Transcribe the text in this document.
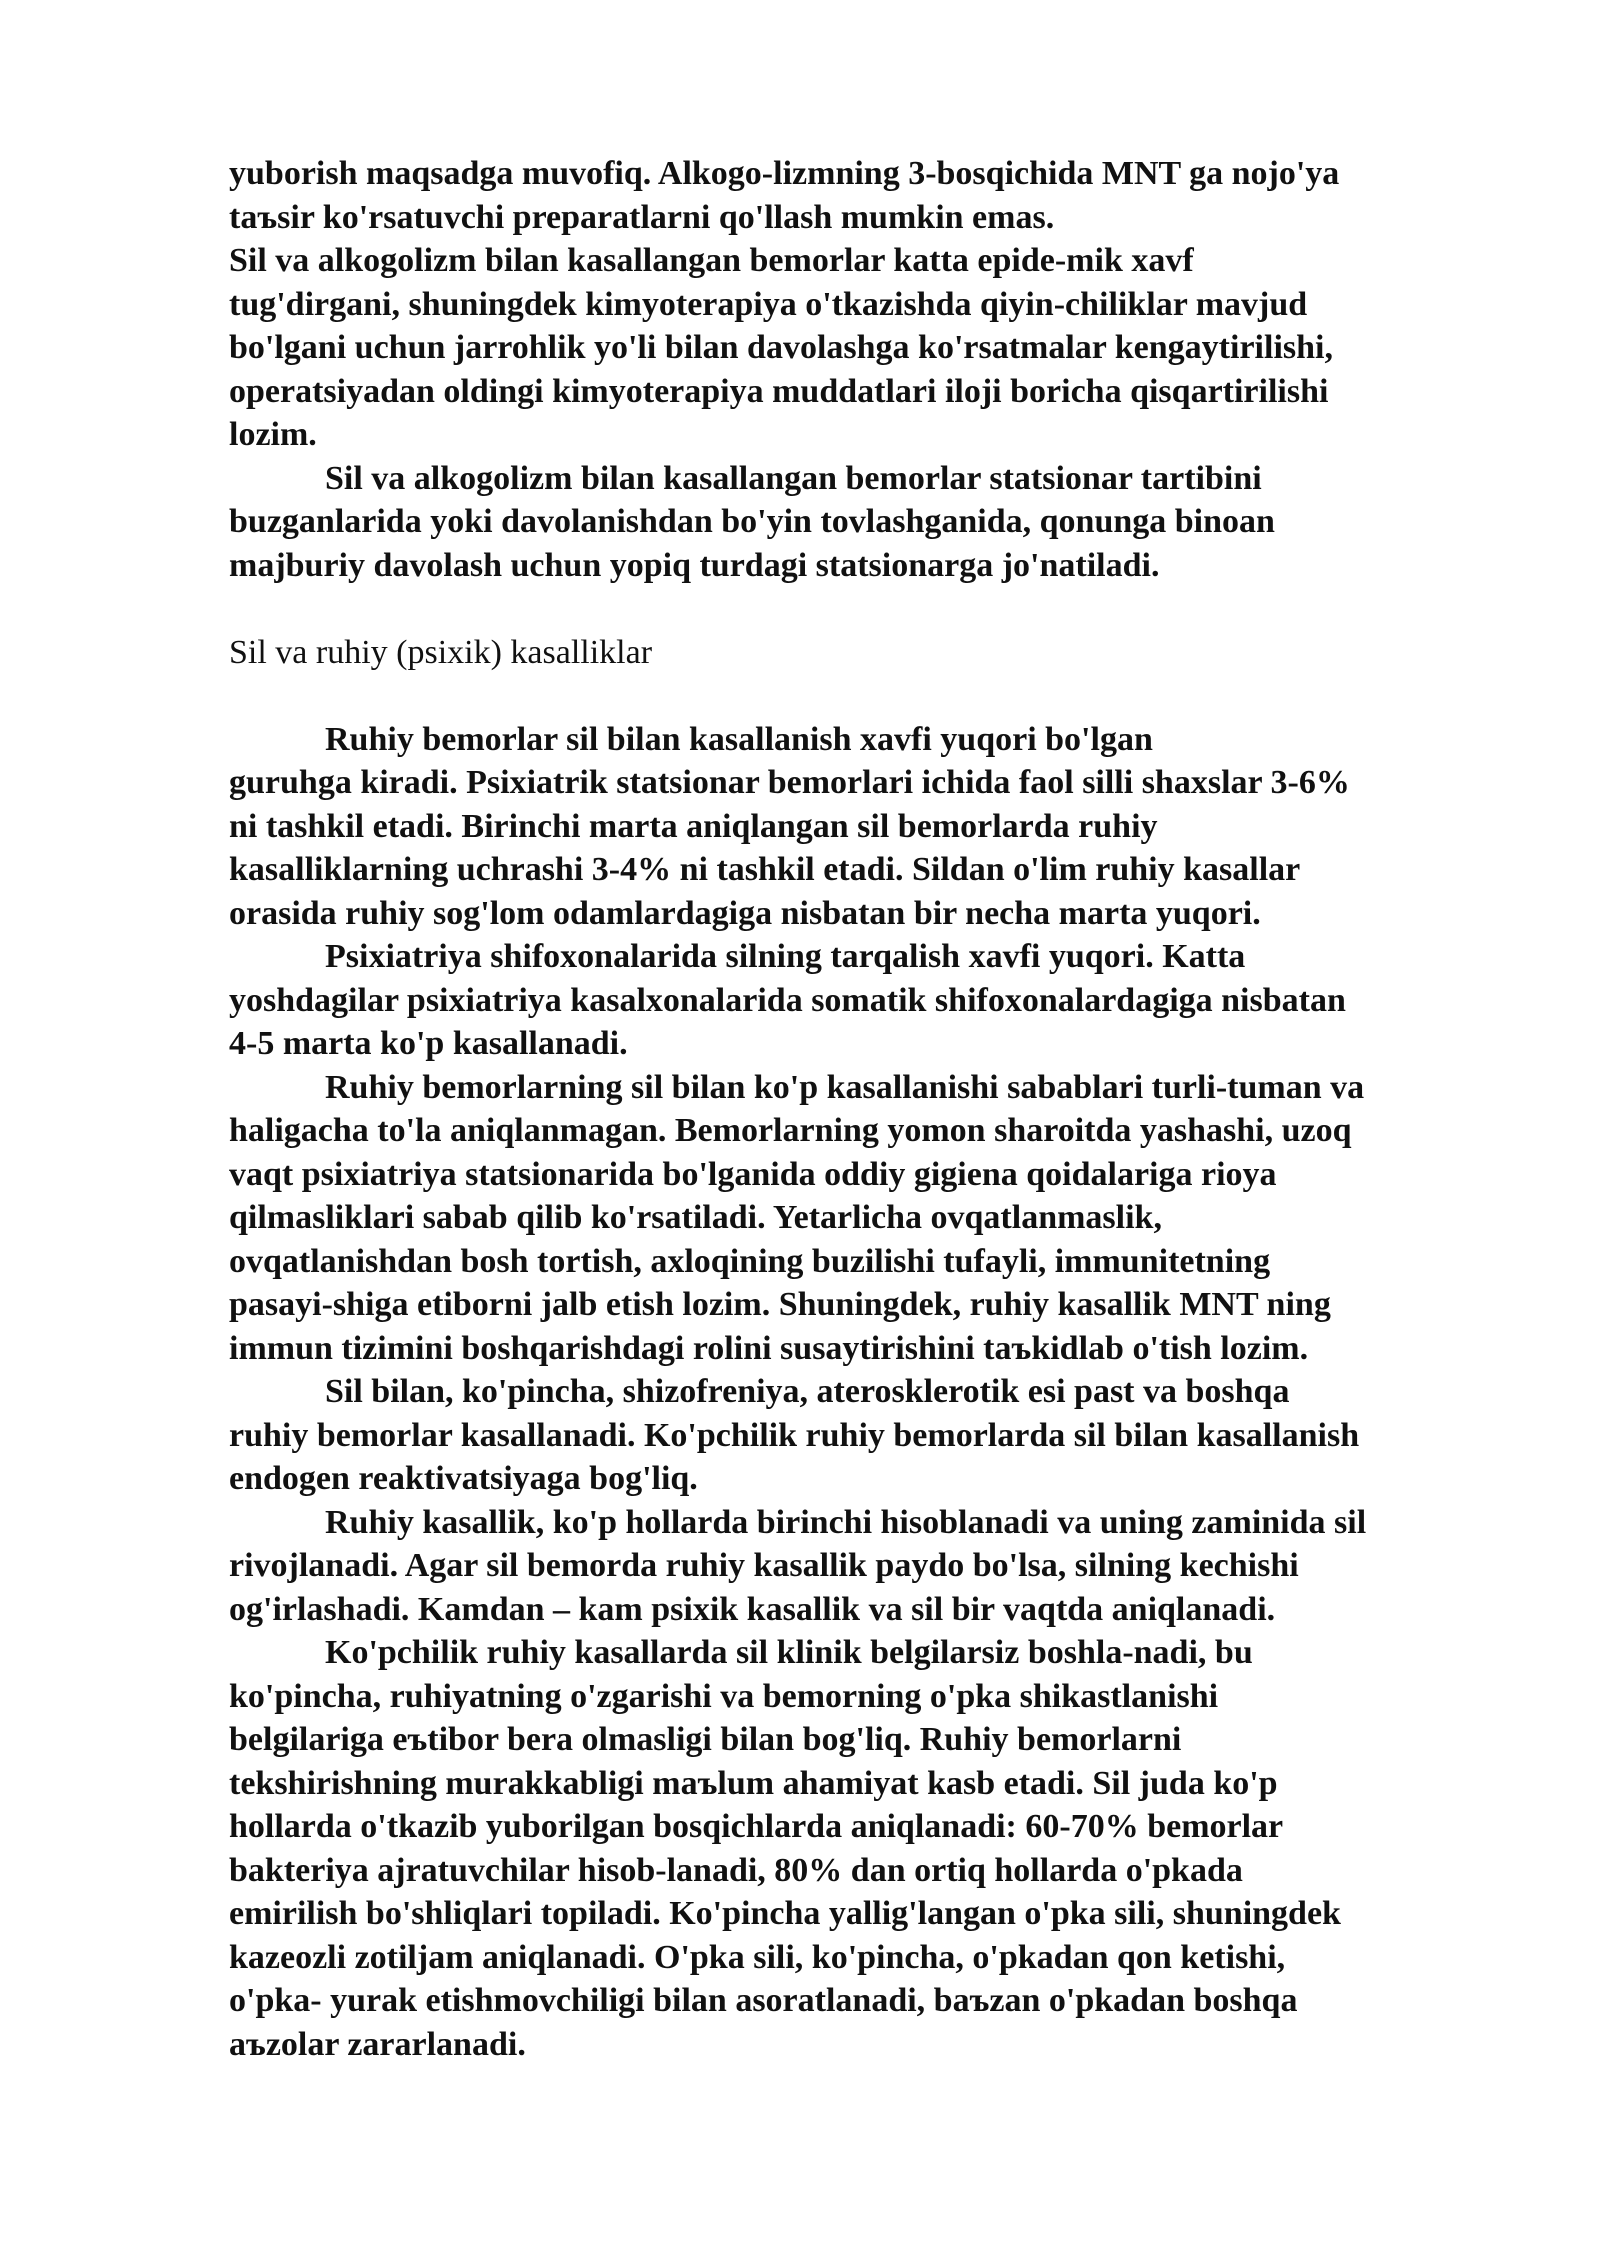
yuborish maqsadga muvofiq. Alkogo-lizmning 3-bosqichida MNT ga nojo'ya
taъsir ko'rsatuvchi preparatlarni qo'llash mumkin emas.
Sil va alkogolizm bilan kasallangan bemorlar katta epide-mik xavf
tug'dirgani, shuningdek kimyoterapiya o'tkazishda qiyin-chiliklar mavjud
bo'lgani uchun jarrohlik yo'li bilan davolashga ko'rsatmalar kengaytirilishi,
operatsiyadan oldingi kimyoterapiya muddatlari iloji boricha qisqartirilishi
lozim.
Sil va alkogolizm bilan kasallangan bemorlar statsionar tartibini
buzganlarida yoki davolanishdan bo'yin tovlashganida, qonunga binoan
majburiy davolash uchun yopiq turdagi statsionarga jo'natiladi.
Sil va ruhiy (psixik) kasalliklar
Ruhiy bemorlar sil bilan kasallanish xavfi yuqori bo'lgan
guruhga kiradi. Psixiatrik statsionar bemorlari ichida faol silli shaxslar 3-6%
ni tashkil etadi. Birinchi marta aniqlangan sil bemorlarda ruhiy
kasalliklarning uchrashi 3-4% ni tashkil etadi. Sildan o'lim ruhiy kasallar
orasida ruhiy sog'lom odamlardagiga nisbatan bir necha marta yuqori.
Psixiatriya shifoxonalarida silning tarqalish xavfi yuqori. Katta
yoshdagilar psixiatriya kasalxonalarida somatik shifoxonalardagiga nisbatan
4-5 marta ko'p kasallanadi.
Ruhiy bemorlarning sil bilan ko'p kasallanishi sabablari turli-tuman va
haligacha to'la aniqlanmagan. Bemorlarning yomon sharoitda yashashi, uzoq
vaqt psixiatriya statsionarida bo'lganida oddiy gigiena qoidalariga rioya
qilmasliklari sabab qilib ko'rsatiladi. Yetarlicha ovqatlanmaslik,
ovqatlanishdan bosh tortish, axloqining buzilishi tufayli, immunitetning
pasayi-shiga etiborni jalb etish lozim. Shuningdek, ruhiy kasallik MNT ning
immun tizimini boshqarishdagi rolini susaytirishini taъkidlab o'tish lozim.
Sil bilan, ko'pincha, shizofreniya, aterosklerotik esi past va boshqa
ruhiy bemorlar kasallanadi. Ko'pchilik ruhiy bemorlarda sil bilan kasallanish
endogen reaktivatsiyaga bog'liq.
Ruhiy kasallik, ko'p hollarda birinchi hisoblanadi va uning zaminida sil
rivojlanadi. Agar sil bemorda ruhiy kasallik paydo bo'lsa, silning kechishi
og'irlashadi. Kamdan – kam psixik kasallik va sil bir vaqtda aniqlanadi.
Ko'pchilik ruhiy kasallarda sil klinik belgilarsiz boshla-nadi, bu
ko'pincha, ruhiyatning o'zgarishi va bemorning o'pka shikastlanishi
belgilariga eъtibor bera olmasligi bilan bog'liq. Ruhiy bemorlarni
tekshirishning murakkabligi maъlum ahamiyat kasb etadi. Sil juda ko'p
hollarda o'tkazib yuborilgan bosqichlarda aniqlanadi: 60-70% bemorlar
bakteriya ajratuvchilar hisob-lanadi, 80% dan ortiq hollarda o'pkada
emirilish bo'shliqlari topiladi. Ko'pincha yallig'langan o'pka sili, shuningdek
kazeozli zotiljam aniqlanadi. O'pka sili, ko'pincha, o'pkadan qon ketishi,
o'pka- yurak etishmovchiligi bilan asoratlanadi, baъzan o'pkadan boshqa
aъzolar zararlanadi.
